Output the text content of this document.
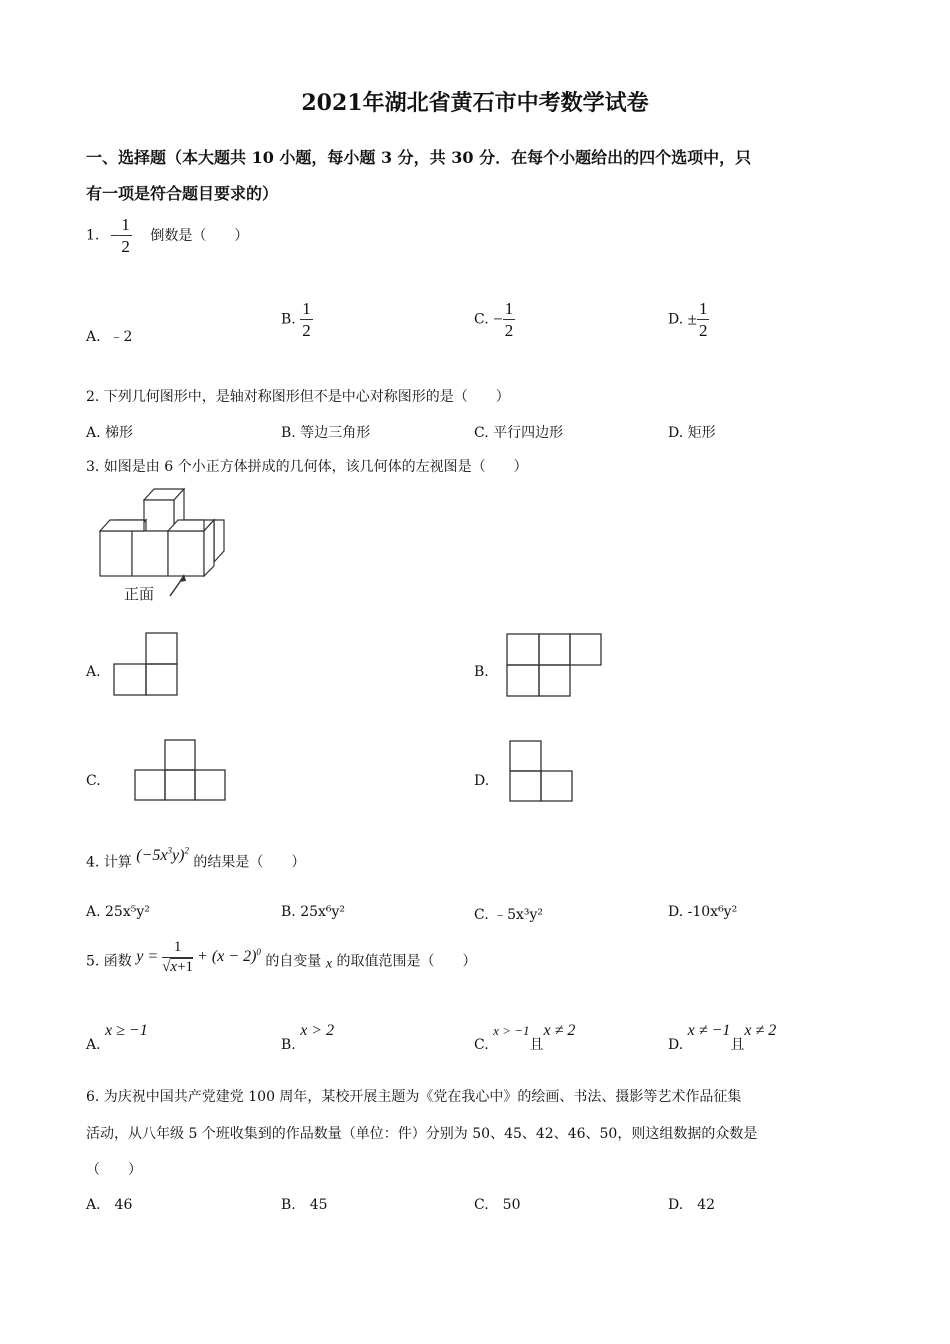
2021年湖北省黄石市中考数学试卷
一、选择题（本大题共 10 小题，每小题 3 分，共 30 分．在每个小题给出的四个选项中，只
有一项是符合题目要求的）
1. − $\frac{1}{2}$ 倒数是（　　）
A. ﹣2
B. $\frac{1}{2}$	C. − $\frac{1}{2}$	D. ± $\frac{1}{2}$
2. 下列几何图形中，是轴对称图形但不是中心对称图形的是（　　）
A. 梯形	B. 等边三角形	C. 平行四边形	D. 矩形
3. 如图是由 6 个小正方体拼成的几何体，该几何体的左视图是（　　）
正面
A.	B.
C.	D.
4. 计算 $(-5x^3y)^2$ 的结果是（　　）
A. 25x⁵y²	B. 25x⁶y²	C. ﹣5x³y²	D. -10x⁶y²
5. 函数 $y = \frac{1}{√x+1} + (x - 2)^0$ 的自变量 x 的取值范围是（　　）
A. x ≥ −1
B. x > 2
C. x > −1且x ≠ 2
D. x ≠ −1且x ≠ 2
6. 为庆祝中国共产党建党 100 周年，某校开展主题为《党在我心中》的绘画、书法、摄影等艺术作品征集
活动，从八年级 5 个班收集到的作品数量（单位：件）分别为 50、45、42、46、50，则这组数据的众数是
（　　）
A.　46	B.　45	C.　50	D.　42
